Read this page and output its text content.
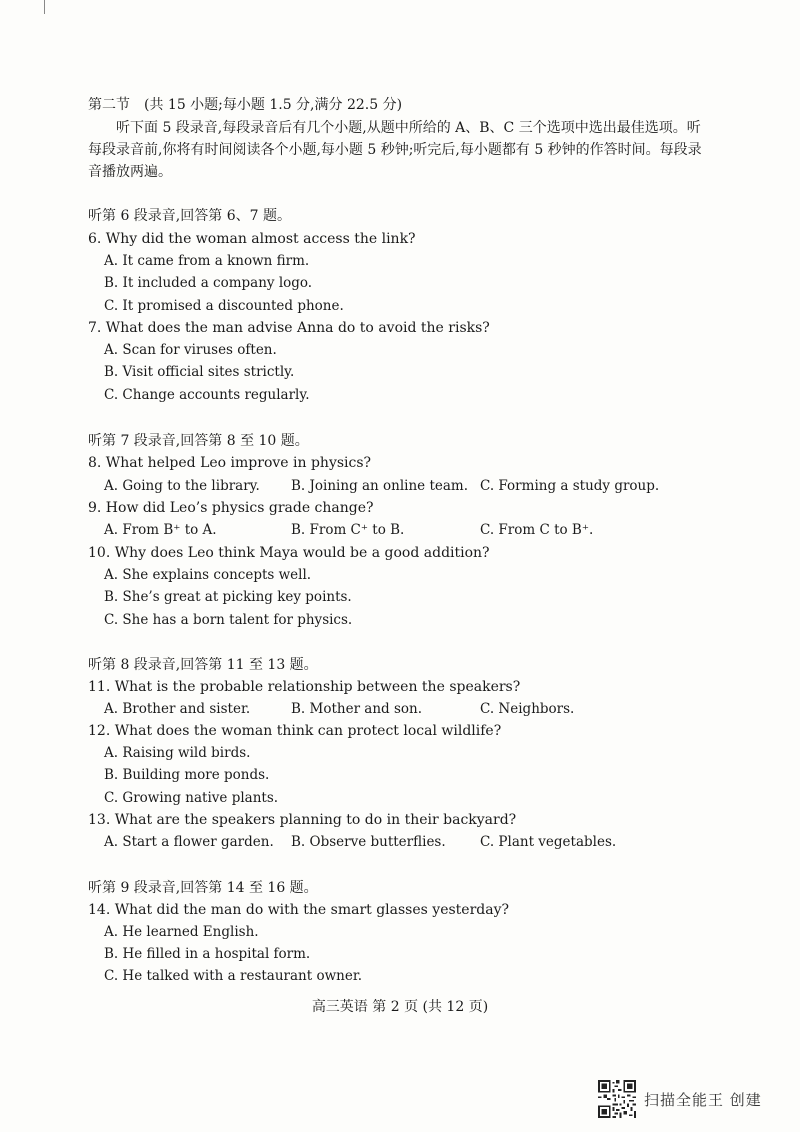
第二节　(共 15 小题;每小题 1.5 分,满分 22.5 分)
听下面 5 段录音,每段录音后有几个小题,从题中所给的 A、B、C 三个选项中选出最佳选项。听每段录音前,你将有时间阅读各个小题,每小题 5 秒钟;听完后,每小题都有 5 秒钟的作答时间。每段录音播放两遍。
听第 6 段录音,回答第 6、7 题。
6. Why did the woman almost access the link?
A. It came from a known firm.
B. It included a company logo.
C. It promised a discounted phone.
7. What does the man advise Anna do to avoid the risks?
A. Scan for viruses often.
B. Visit official sites strictly.
C. Change accounts regularly.
听第 7 段录音,回答第 8 至 10 题。
8. What helped Leo improve in physics?
A. Going to the library. B. Joining an online team. C. Forming a study group.
9. How did Leo’s physics grade change?
A. From B⁺ to A.	B. From C⁺ to B.	C. From C to B⁺.
10. Why does Leo think Maya would be a good addition?
A. She explains concepts well.
B. She’s great at picking key points.
C. She has a born talent for physics.
听第 8 段录音,回答第 11 至 13 题。
11. What is the probable relationship between the speakers?
A. Brother and sister.	B. Mother and son.	C. Neighbors.
12. What does the woman think can protect local wildlife?
A. Raising wild birds.
B. Building more ponds.
C. Growing native plants.
13. What are the speakers planning to do in their backyard?
A. Start a flower garden. B. Observe butterflies.	C. Plant vegetables.
听第 9 段录音,回答第 14 至 16 题。
14. What did the man do with the smart glasses yesterday?
A. He learned English.
B. He filled in a hospital form.
C. He talked with a restaurant owner.
高三英语 第 2 页 (共 12 页)
扫描全能王 创建
